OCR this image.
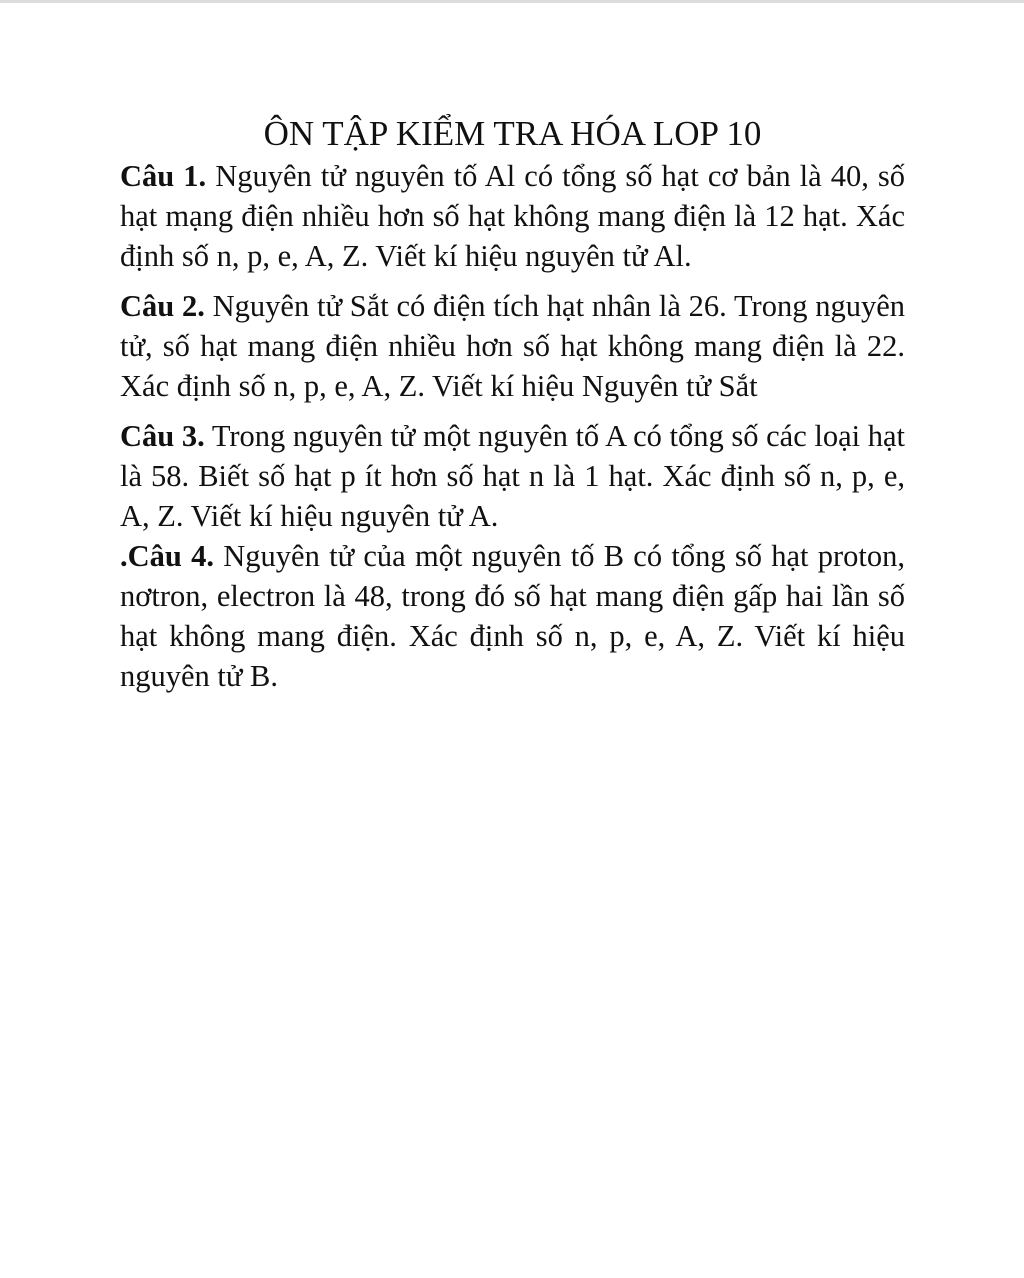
ÔN TẬP KIỂM TRA HÓA LOP 10

Câu 1. Nguyên tử nguyên tố Al có tổng số hạt cơ bản là 40, số hạt mạng điện nhiều hơn số hạt không mang điện là 12 hạt. Xác định số n, p, e, A, Z. Viết kí hiệu nguyên tử Al.

Câu 2. Nguyên tử Sắt có điện tích hạt nhân là 26. Trong nguyên tử, số hạt mang điện nhiều hơn số hạt không mang điện là 22. Xác định số n, p, e, A, Z. Viết kí hiệu Nguyên tử Sắt

Câu 3. Trong nguyên tử một nguyên tố A có tổng số các loại hạt là 58. Biết số hạt p ít hơn số hạt n là 1 hạt. Xác định số n, p, e, A, Z. Viết kí hiệu nguyên tử A.

.Câu 4. Nguyên tử của một nguyên tố B có tổng số hạt proton, nơtron, electron là 48, trong đó số hạt mang điện gấp hai lần số hạt không mang điện. Xác định số n, p, e, A, Z. Viết kí hiệu nguyên tử B.
